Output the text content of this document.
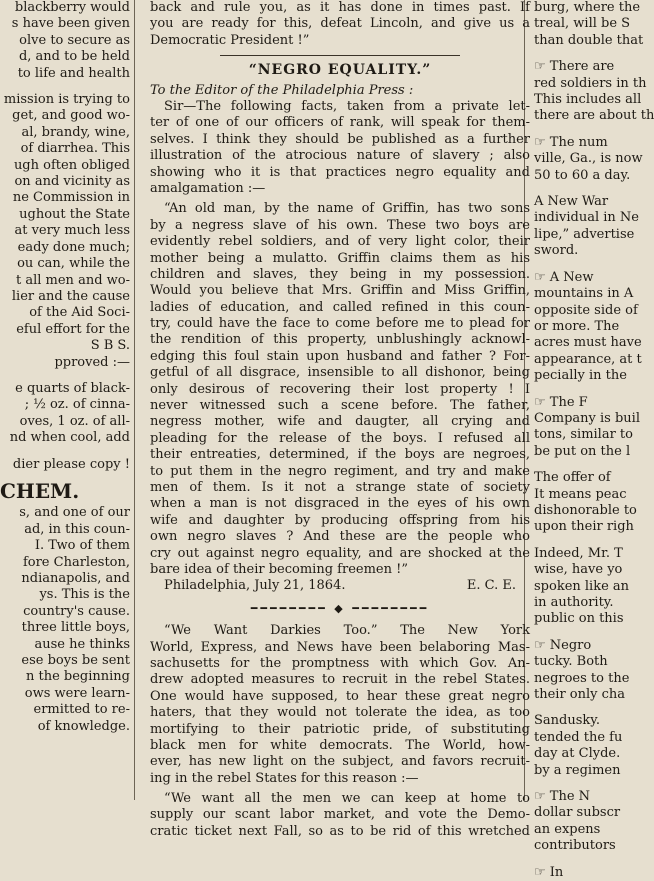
blackberry would
s have been given
olve to secure as
d, and to be held
to life and health
mission is trying to
get, and good wo-
al, brandy, wine,
of diarrhea. This
ugh often obliged
on and vicinity as
ne Commission in
ughout the State
at very much less
eady done much;
ou can, while the
t all men and wo-
lier and the cause
of the Aid Soci-
eful effort for the
S B S.
pproved :—
e quarts of black-
; ½ oz. of cinna-
oves, 1 oz. of all-
nd when cool, add
dier please copy !
CHEM.
s, and one of our
ad, in this coun-
I. Two of them
fore Charleston,
ndianapolis, and
ys. This is the
country's cause.
three little boys,
ause he thinks
ese boys be sent
n the beginning
ows were learn-
ermitted to re-
of knowledge.
back and rule you, as it has done in times past. If
you are ready for this, defeat Lincoln, and give us a
Democratic President !”
“NEGRO EQUALITY.”
To the Editor of the Philadelphia Press :
Sir—The following facts, taken from a private let-
ter of one of our officers of rank, will speak for them-
selves. I think they should be published as a further
illustration of the atrocious nature of slavery ; also
showing who it is that practices negro equality and
amalgamation :—
“An old man, by the name of Griffin, has two sons
by a negress slave of his own. These two boys are
evidently rebel soldiers, and of very light color, their
mother being a mulatto. Griffin claims them as his
children and slaves, they being in my possession.
Would you believe that Mrs. Griffin and Miss Griffin,
ladies of education, and called refined in this coun-
try, could have the face to come before me to plead for
the rendition of this property, unblushingly acknowl-
edging this foul stain upon husband and father ? For-
getful of all disgrace, insensible to all dishonor, being
only desirous of recovering their lost property ! I
never witnessed such a scene before. The father,
negress mother, wife and daugter, all crying and
pleading for the release of the boys. I refused all
their entreaties, determined, if the boys are negroes,
to put them in the negro regiment, and try and make
men of them. Is it not a strange state of society
when a man is not disgraced in the eyes of his own
wife and daughter by producing offspring from his
own negro slaves ? And these are the people who
cry out against negro equality, and are shocked at the
bare idea of their becoming freemen !”
Philadelphia, July 21, 1864.	E. C. E.
━━━━━━━━ ◆ ━━━━━━━━
“We Want Darkies Too.” The New York
World, Express, and News have been belaboring Mas-
sachusetts for the promptness with which Gov. An-
drew adopted measures to recruit in the rebel States.
One would have supposed, to hear these great negro
haters, that they would not tolerate the idea, as too
mortifying to their patriotic pride, of substituting
black men for white democrats. The World, how-
ever, has new light on the subject, and favors recruit-
ing in the rebel States for this reason :—
“We want all the men we can keep at home to
supply our scant labor market, and vote the Demo-
cratic ticket next Fall, so as to be rid of this wretched
burg, where the
treal, will be S
than double that
☞ There are
red soldiers in th
This includes all
there are about th
☞ The num
ville, Ga., is now
50 to 60 a day.
A New War
individual in Ne
lipe,” advertise
sword.
☞ A New
mountains in A
opposite side of
or more. The
acres must have
appearance, at t
pecially in the
☞ The F
Company is buil
tons, similar to
be put on the l
The offer of
It means peac
dishonorable to
upon their righ
Indeed, Mr. T
wise, have yo
spoken like an
in authority.
public on this
☞ Negro
tucky. Both
negroes to the
their only cha
Sandusky.
tended the fu
day at Clyde.
by a regimen
☞ The N
dollar subscr
an expens
contributors
☞ In
